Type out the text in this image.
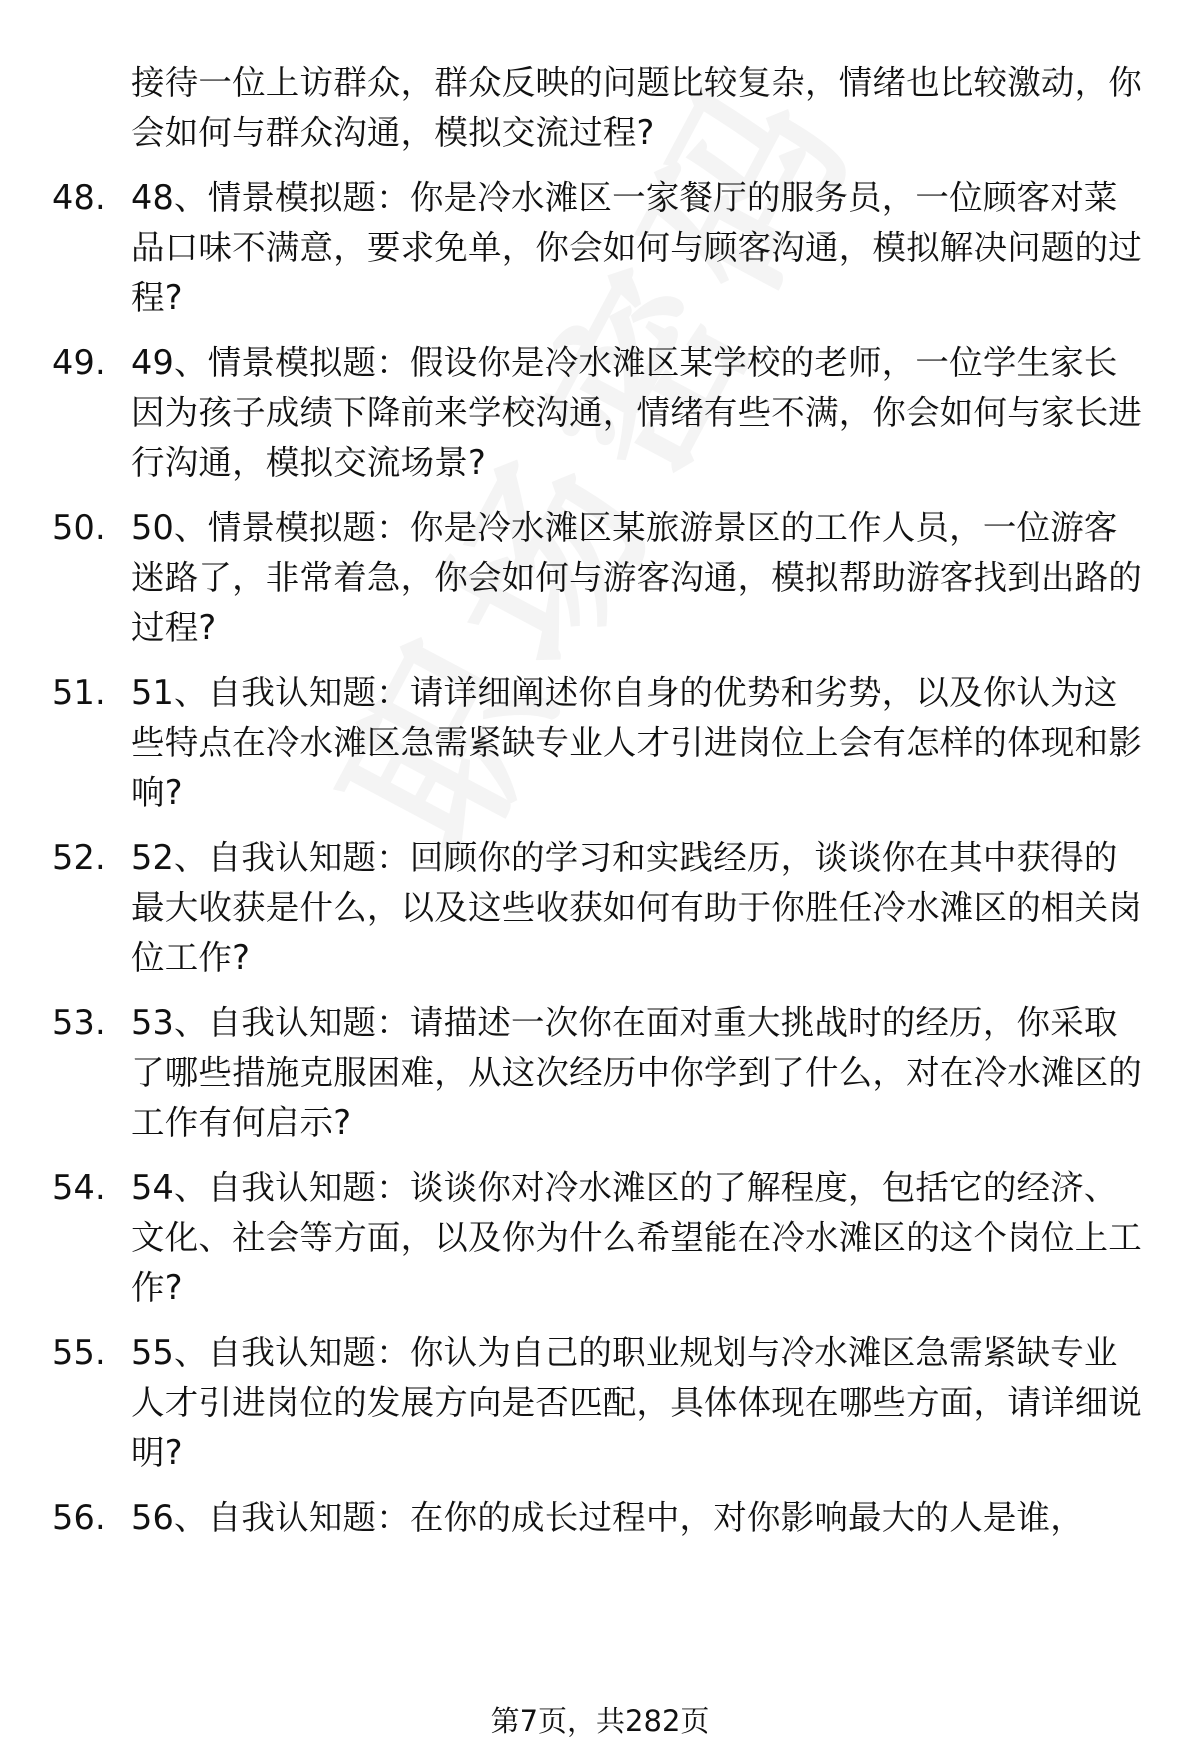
接待一位上访群众，群众反映的问题比较复杂，情绪也比较激动，你会如何与群众沟通，模拟交流过程?
48. 48、情景模拟题：你是冷水滩区一家餐厅的服务员，一位顾客对菜品口味不满意，要求免单，你会如何与顾客沟通，模拟解决问题的过程?
49. 49、情景模拟题：假设你是冷水滩区某学校的老师，一位学生家长因为孩子成绩下降前来学校沟通，情绪有些不满，你会如何与家长进行沟通，模拟交流场景?
50. 50、情景模拟题：你是冷水滩区某旅游景区的工作人员，一位游客迷路了，非常着急，你会如何与游客沟通，模拟帮助游客找到出路的过程?
51. 51、自我认知题：请详细阐述你自身的优势和劣势，以及你认为这些特点在冷水滩区急需紧缺专业人才引进岗位上会有怎样的体现和影响?
52. 52、自我认知题：回顾你的学习和实践经历，谈谈你在其中获得的最大收获是什么，以及这些收获如何有助于你胜任冷水滩区的相关岗位工作?
53. 53、自我认知题：请描述一次你在面对重大挑战时的经历，你采取了哪些措施克服困难，从这次经历中你学到了什么，对在冷水滩区的工作有何启示?
54. 54、自我认知题：谈谈你对冷水滩区的了解程度，包括它的经济、文化、社会等方面，以及你为什么希望能在冷水滩区的这个岗位上工作?
55. 55、自我认知题：你认为自己的职业规划与冷水滩区急需紧缺专业人才引进岗位的发展方向是否匹配，具体体现在哪些方面，请详细说明?
56. 56、自我认知题：在你的成长过程中，对你影响最大的人是谁，
第7页，共282页
